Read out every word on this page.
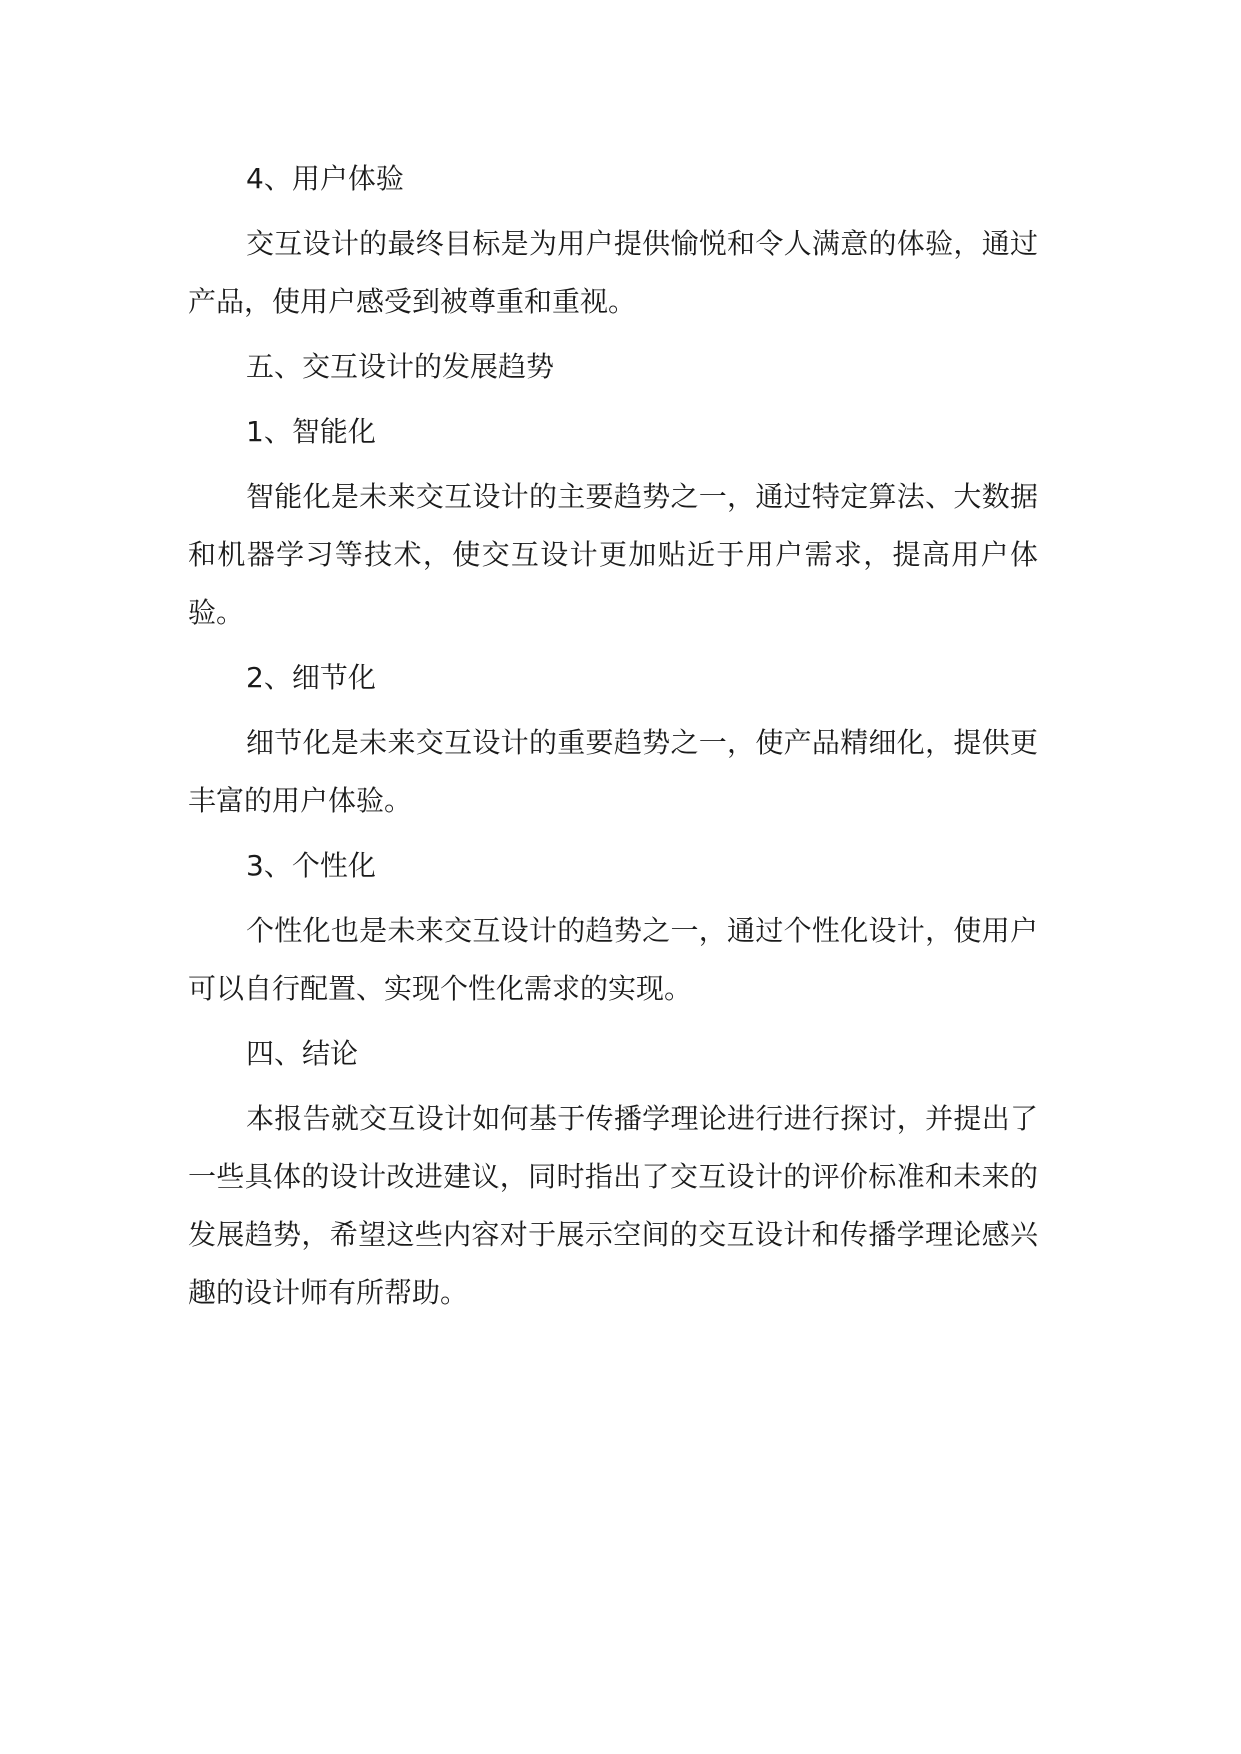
4、用户体验

交互设计的最终目标是为用户提供愉悦和令人满意的体验，通过产品，使用户感受到被尊重和重视。

五、交互设计的发展趋势

1、智能化

智能化是未来交互设计的主要趋势之一，通过特定算法、大数据和机器学习等技术，使交互设计更加贴近于用户需求，提高用户体验。

2、细节化

细节化是未来交互设计的重要趋势之一，使产品精细化，提供更丰富的用户体验。

3、个性化

个性化也是未来交互设计的趋势之一，通过个性化设计，使用户可以自行配置、实现个性化需求的实现。

四、结论

本报告就交互设计如何基于传播学理论进行进行探讨，并提出了一些具体的设计改进建议，同时指出了交互设计的评价标准和未来的发展趋势，希望这些内容对于展示空间的交互设计和传播学理论感兴趣的设计师有所帮助。
